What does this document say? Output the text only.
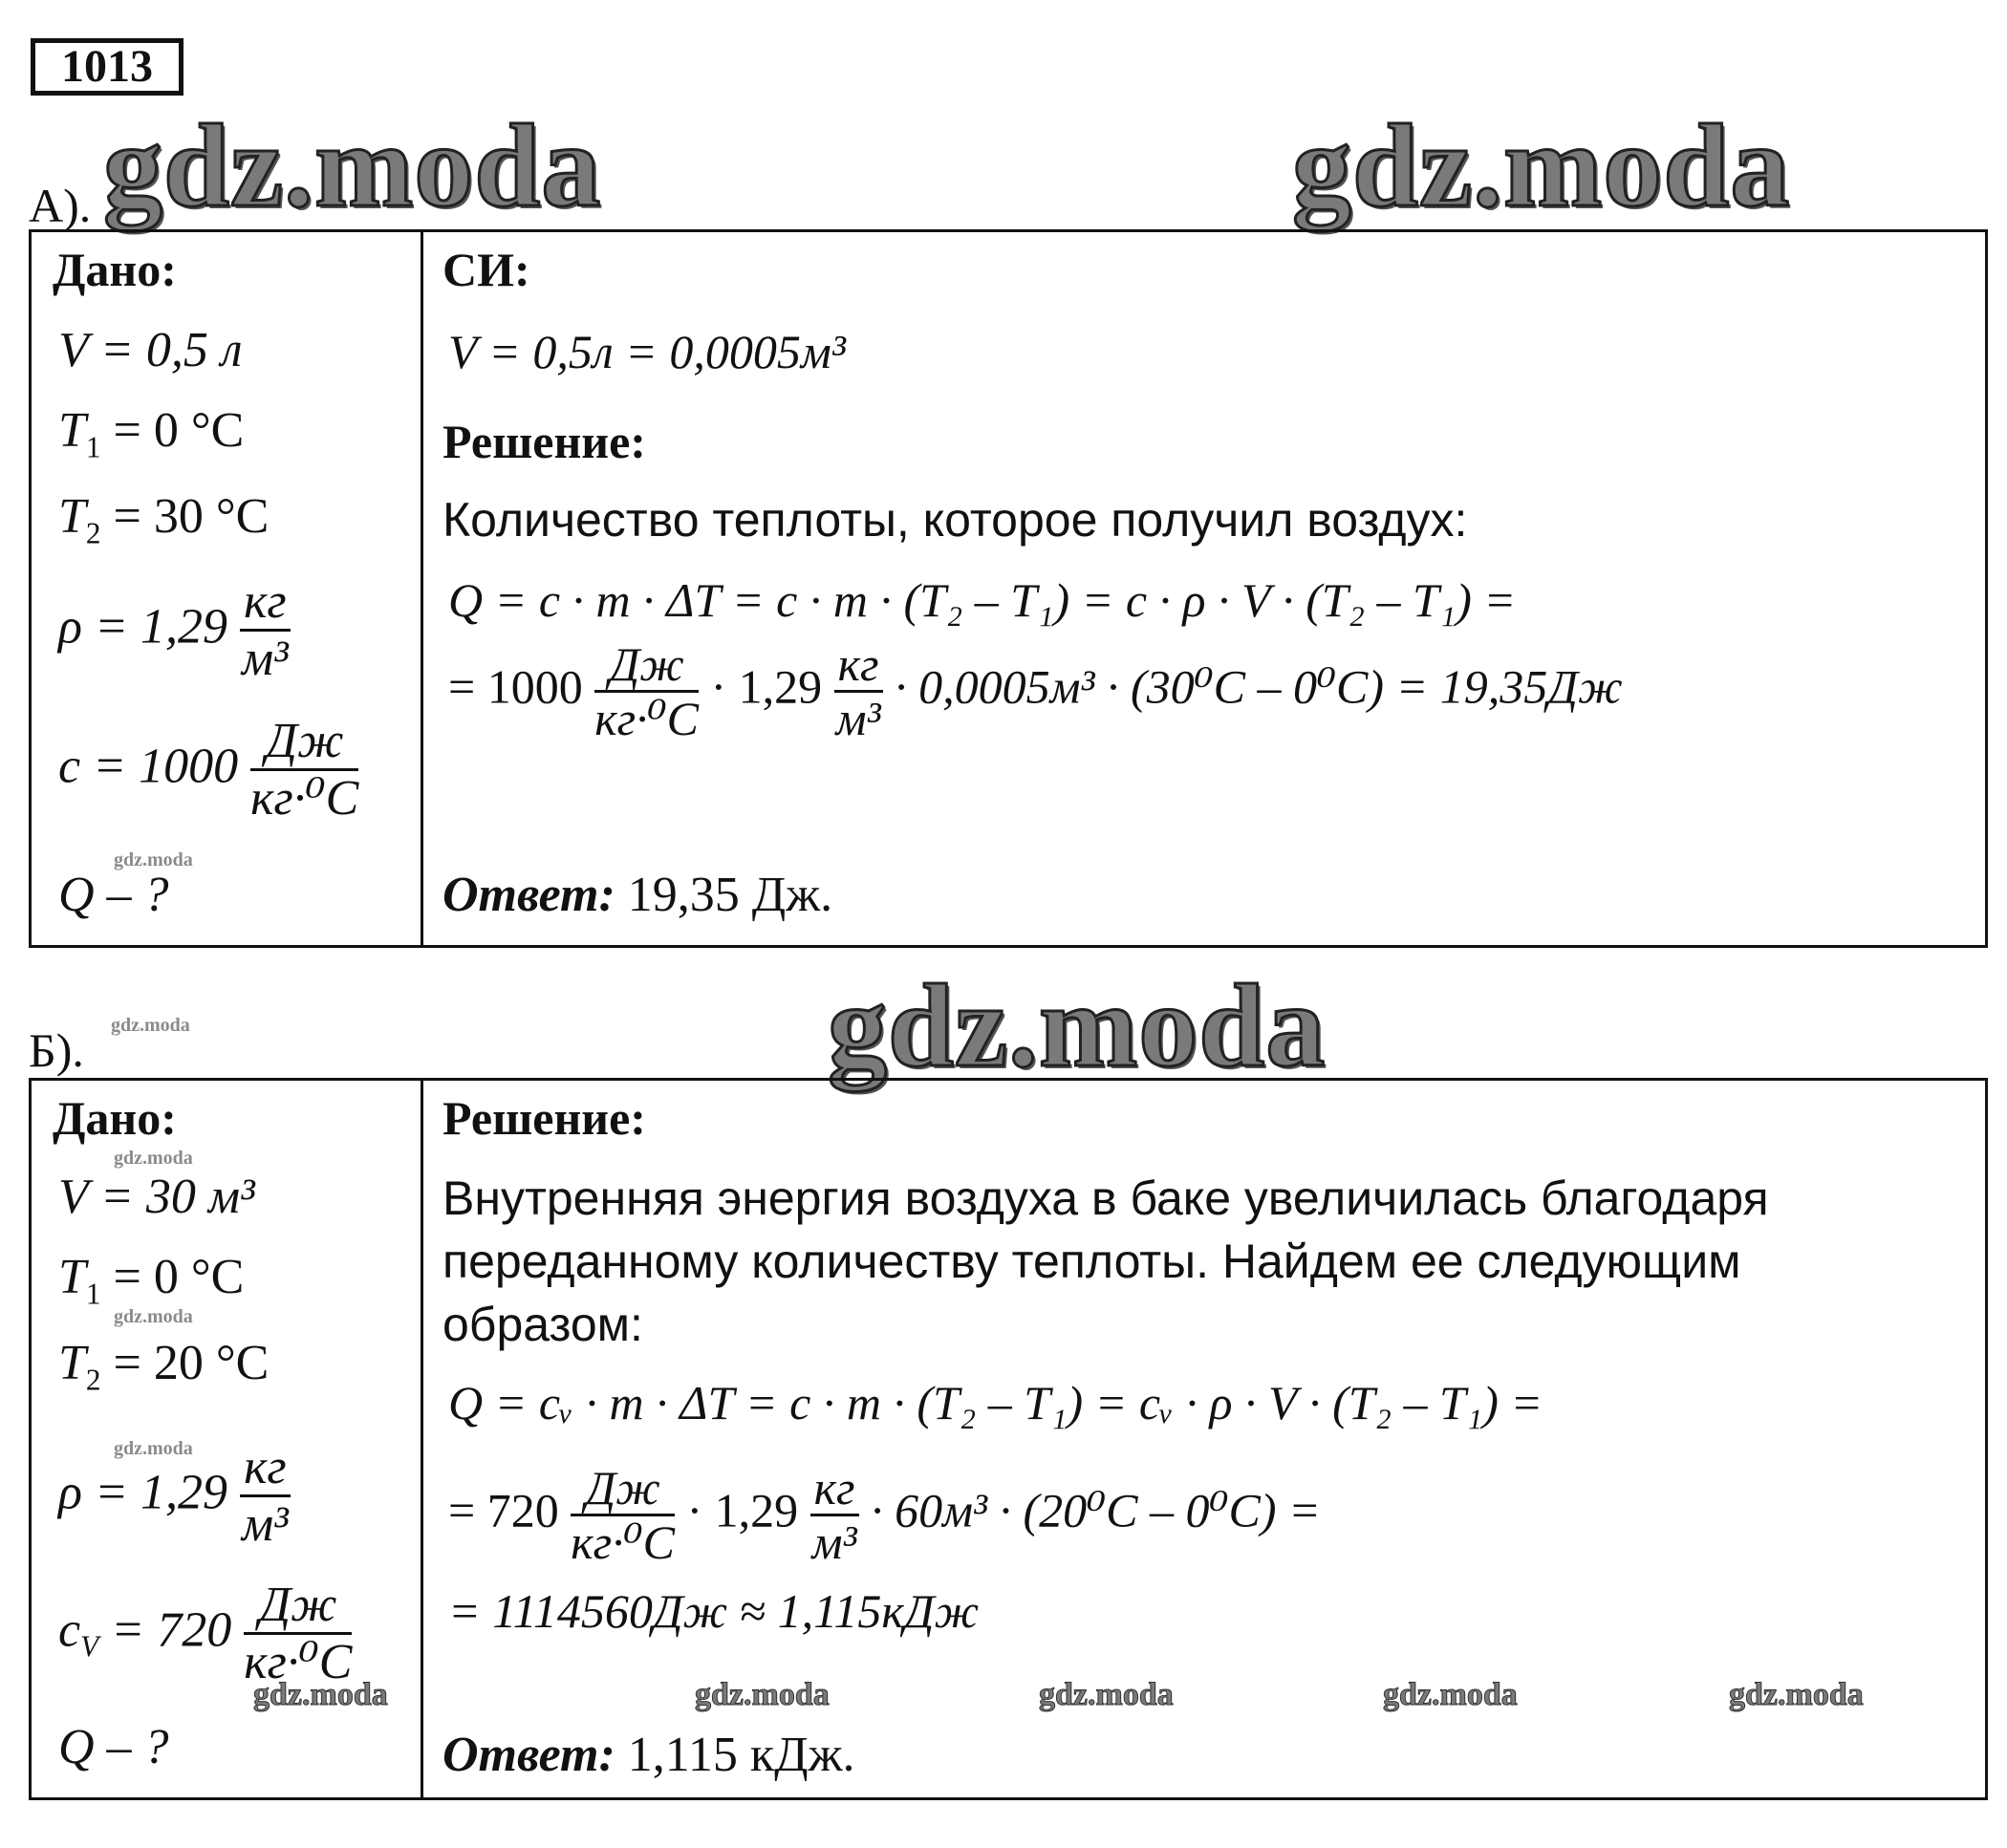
1013
gdz.moda	gdz.moda
gdz.moda
А).
Дано:
V = 0,5 л
$T_1 = 0$ °С
$T_2 = 30$ °С
$\rho = 1,29 \frac{кг}{\text{м³}}$
$c = 1000 \frac{Дж}{\text{кг·⁰С}}$
gdz.moda
Q – ?
СИ:
V = 0,5л = 0,0005м³
Решение:
Количество теплоты, которое получил воздух:
Q = c · m · ΔT = c · m · (T₂ – T₁) = c · ρ · V · (T₂ – T₁) =
= $1000 \frac{Дж}{\text{кг·⁰С}} \cdot 1,29 \frac{кг}{\text{м³}} \cdot 0,0005м^3 \cdot (30^0С - 0^0С) = 19,35Дж$
Ответ: 19,35 Дж.
gdz.moda
Б).
Дано:
gdz.moda
V = 30 м³
$T_1 = 0$ °С
gdz.moda
$T_2 = 20$ °С
gdz.moda
$\rho = 1,29 \frac{кг}{\text{м³}}$
$c_V = 720 \frac{Дж}{\text{кг·⁰С}}$
Q – ?
Решение:
Внутренняя энергия воздуха в баке увеличилась благодаря
переданному количеству теплоты. Найдем ее следующим
образом:
Q = cᵥ · m · ΔT = c · m · (T₂ – T₁) = cᵥ · ρ · V · (T₂ – T₁) =
= $720 \frac{Дж}{\text{кг·⁰С}} \cdot 1,29 \frac{кг}{\text{м³}} \cdot 60м^3 \cdot (20^0С - 0^0С)$ =
= 1114560Дж ≈ 1,115кДж
gdz.moda	gdz.moda	gdz.moda	gdz.moda	gdz.moda
Ответ: 1,115 кДж.
